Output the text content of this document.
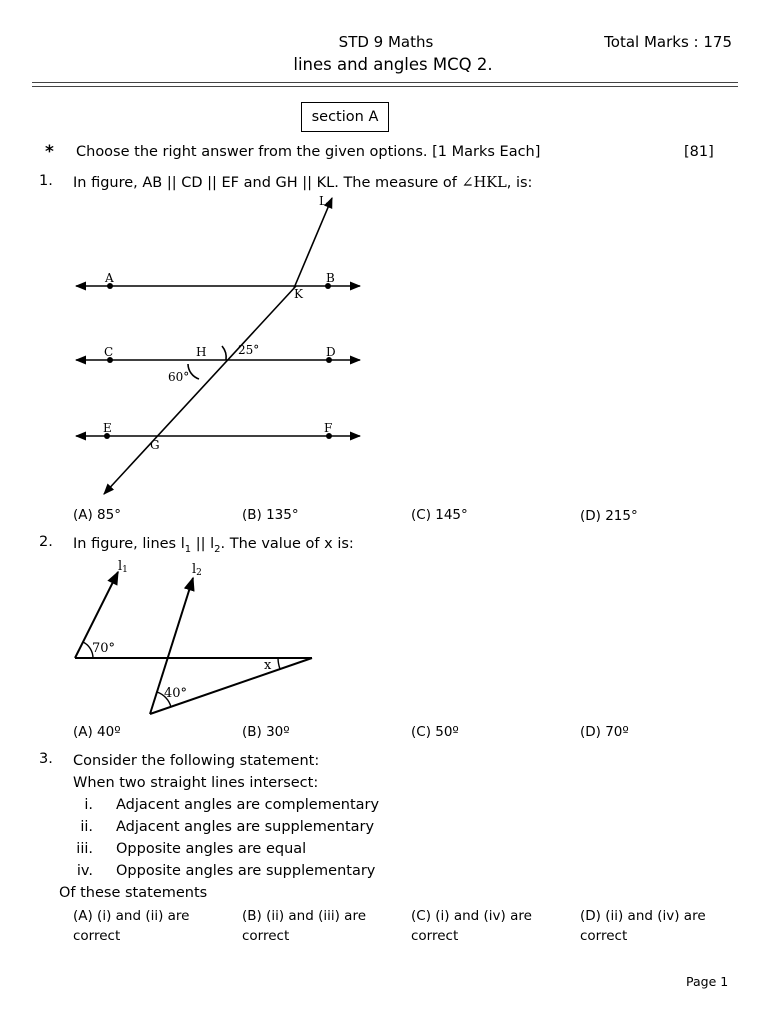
STD 9 Maths	Total Marks : 175
lines and angles MCQ 2.
section A
* Choose the right answer from the given options. [1 Marks Each]	[81]
1. In figure, AB || CD || EF and GH || KL. The measure of ∠HKL, is:
A	B
C	D
E	F
G
H
K
L
25°
60°
(A) 85°	(B) 135°	(C) 145°	(D) 215°
2. In figure, lines $l_1$ || $l_2$. The value of x is:
l1	l2
70°
40°
x
(A) 40º	(B) 30º	(C) 50º	(D) 70º
3. Consider the following statement:
When two straight lines intersect:
i. Adjacent angles are complementary
ii. Adjacent angles are supplementary
iii. Opposite angles are equal
iv. Opposite angles are supplementary
Of these statements
(A) (i) and (ii) are
correct
(B) (ii) and (iii) are
correct
(C) (i) and (iv) are
correct
(D) (ii) and (iv) are
correct
Page 1
